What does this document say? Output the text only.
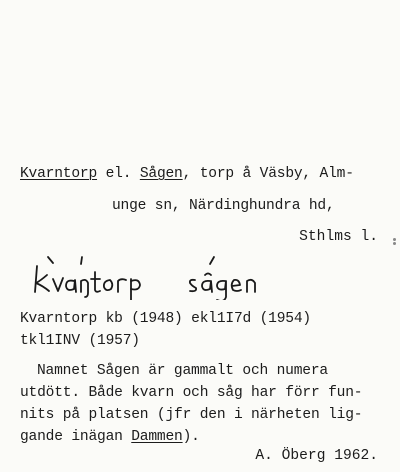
Kvarntorp el. Sågen, torp å Väsby, Alm-
unge sn, Närdinghundra hd,
Sthlms l.
Kvarntorp kb (1948) ekl1I7d (1954)
tkl1INV (1957)
Namnet Sågen är gammalt och numera
utdött. Både kvarn och såg har förr fun-
nits på platsen (jfr den i närheten lig-
gande inägan Dammen).
A. Öberg 1962.
